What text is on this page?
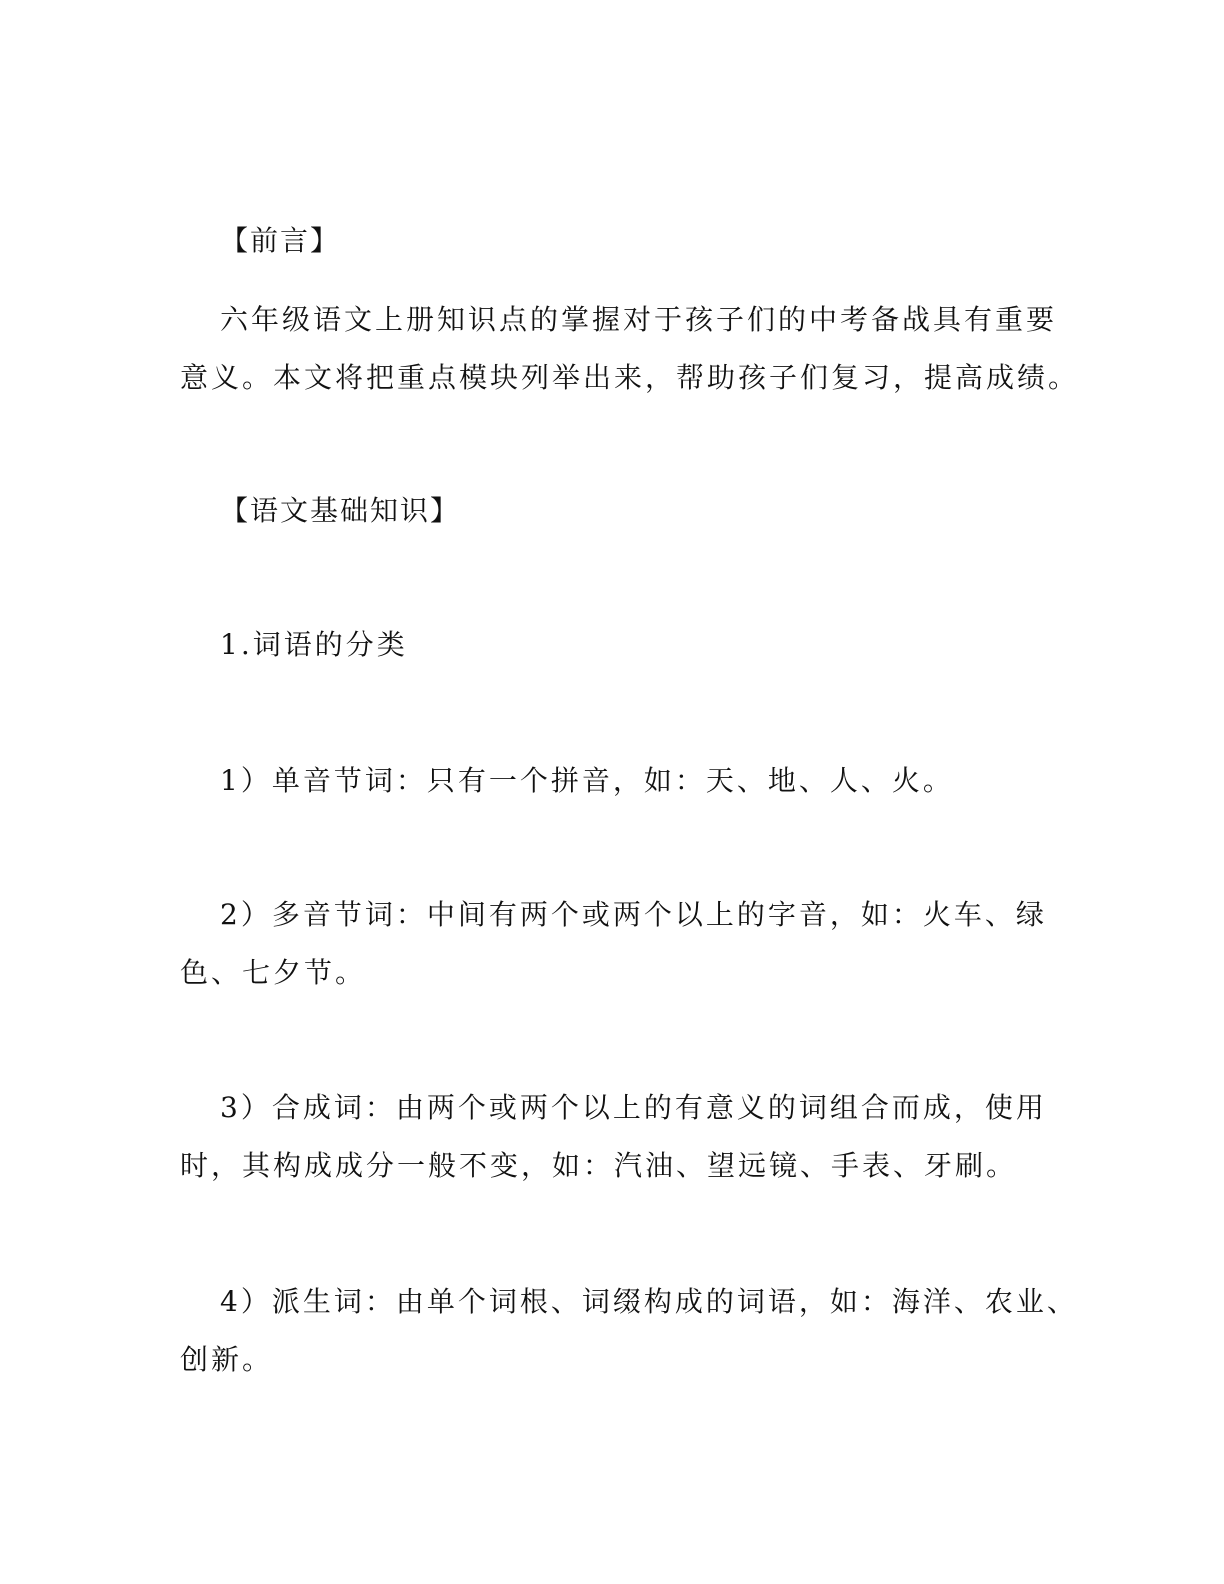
【前言】
六年级语文上册知识点的掌握对于孩子们的中考备战具有重要
意义。本文将把重点模块列举出来，帮助孩子们复习，提高成绩。
【语文基础知识】
1.词语的分类
1）单音节词：只有一个拼音，如：天、地、人、火。
2）多音节词：中间有两个或两个以上的字音，如：火车、绿
色、七夕节。
3）合成词：由两个或两个以上的有意义的词组合而成，使用
时，其构成成分一般不变，如：汽油、望远镜、手表、牙刷。
4）派生词：由单个词根、词缀构成的词语，如：海洋、农业、
创新。
